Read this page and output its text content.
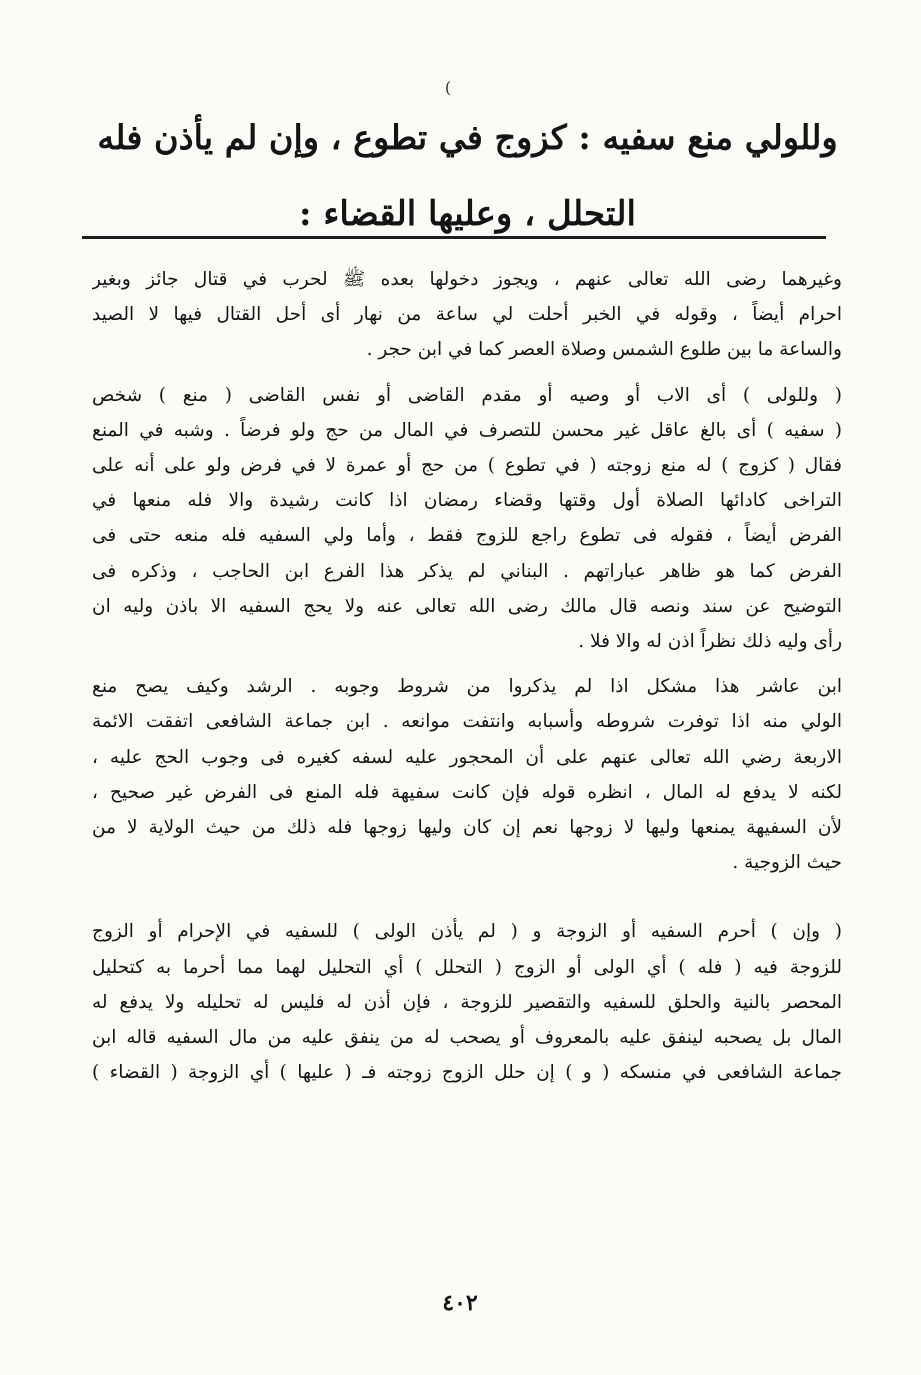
(
وللولي منع سفيه : كزوج في تطوع ، وإن لم يأذن فله
التحلل ، وعليها القضاء :
وغيرهما رضى الله تعالى عنهم ، ويجوز دخولها بعده ﷺ لحرب في قتال جائز وبغير
احرام أيضاً ، وقوله في الخبر أحلت لي ساعة من نهار أى أحل القتال فيها لا الصيد
والساعة ما بين طلوع الشمس وصلاة العصر كما في ابن حجر .
( وللولى ) أى الاب أو وصيه أو مقدم القاضى أو نفس القاضى ( منع ) شخص
( سفيه ) أى بالغ عاقل غير محسن للتصرف في المال من حج ولو فرضاً . وشبه في المنع
فقال ( كزوج ) له منع زوجته ( في تطوع ) من حج أو عمرة لا في فرض ولو على أنه على
التراخى كادائها الصلاة أول وقتها وقضاء رمضان اذا كانت رشيدة والا فله منعها في
الفرض أيضاً ، فقوله فى تطوع راجع للزوج فقط ، وأما ولي السفيه فله منعه حتى فى
الفرض كما هو ظاهر عباراتهم . البناني لم يذكر هذا الفرع ابن الحاجب ، وذكره فى
التوضيح عن سند ونصه قال مالك رضى الله تعالى عنه ولا يحج السفيه الا باذن وليه ان
رأى وليه ذلك نظراً اذن له والا فلا .
ابن عاشر هذا مشكل اذا لم يذكروا من شروط وجوبه . الرشد وكيف يصح منع
الولي منه اذا توفرت شروطه وأسبابه وانتفت موانعه . ابن جماعة الشافعى اتفقت الائمة
الاربعة رضي الله تعالى عنهم على أن المحجور عليه لسفه كغيره فى وجوب الحج عليه ،
لكنه لا يدفع له المال ، انظره قوله فإن كانت سفيهة فله المنع فى الفرض غير صحيح ،
لأن السفيهة يمنعها وليها لا زوجها نعم إن كان وليها زوجها فله ذلك من حيث الولاية لا من
حيث الزوجية .
( وإن ) أحرم السفيه أو الزوجة و ( لم يأذن الولى ) للسفيه في الإحرام أو الزوج
للزوجة فيه ( فله ) أي الولى أو الزوج ( التحلل ) أي التحليل لهما مما أحرما به كتحليل
المحصر بالنية والحلق للسفيه والتقصير للزوجة ، فإن أذن له فليس له تحليله ولا يدفع له
المال بل يصحبه لينفق عليه بالمعروف أو يصحب له من ينفق عليه من مال السفيه قاله ابن
جماعة الشافعى في منسكه ( و ) إن حلل الزوج زوجته فـ ( عليها ) أي الزوجة ( القضاء )
٤٠٢
